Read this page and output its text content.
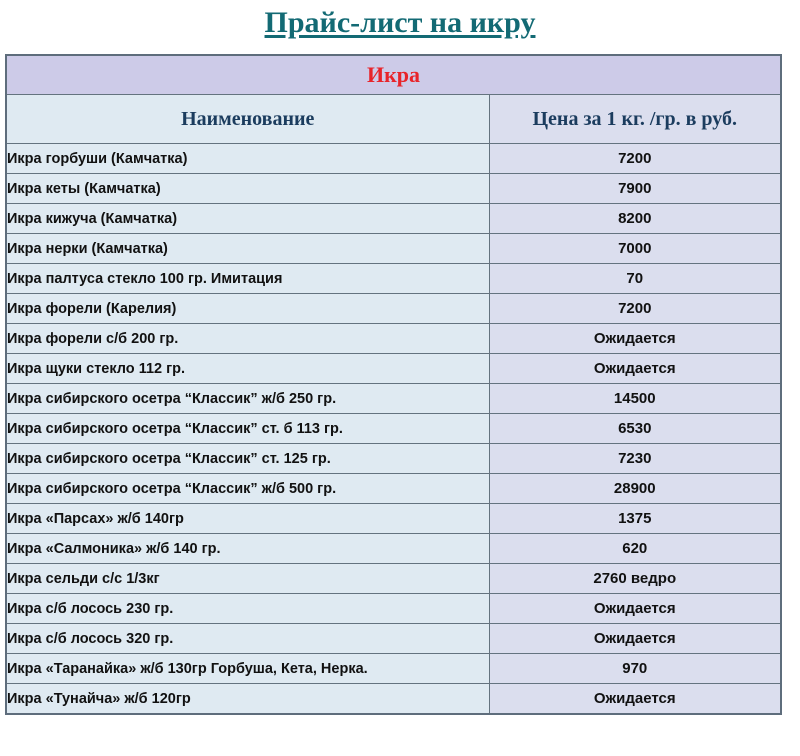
Прайс-лист на икру
Икра	
Наименование	Цена за 1 кг. /гр. в руб.
Икра горбуши (Камчатка)	7200
Икра кеты (Камчатка)	7900
Икра кижуча (Камчатка)	8200
Икра нерки (Камчатка)	7000
Икра палтуса стекло 100 гр. Имитация	70
Икра форели (Карелия)	7200
Икра форели с/б 200 гр.	Ожидается
Икра щуки стекло 112 гр.	Ожидается
Икра сибирского осетра “Классик” ж/б 250 гр.	14500
Икра сибирского осетра “Классик” ст. б 113 гр.	6530
Икра сибирского осетра “Классик” ст. 125 гр.	7230
Икра сибирского осетра “Классик” ж/б 500 гр.	28900
Икра «Парсах» ж/б 140гр	1375
Икра «Салмоника» ж/б 140 гр.	620
Икра сельди с/с 1/3кг	2760 ведро
Икра с/б лосось 230 гр.	Ожидается
Икра с/б лосось 320 гр.	Ожидается
Икра «Таранайка» ж/б 130гр Горбуша, Кета, Нерка.	970
Икра «Тунайча» ж/б 120гр	Ожидается
